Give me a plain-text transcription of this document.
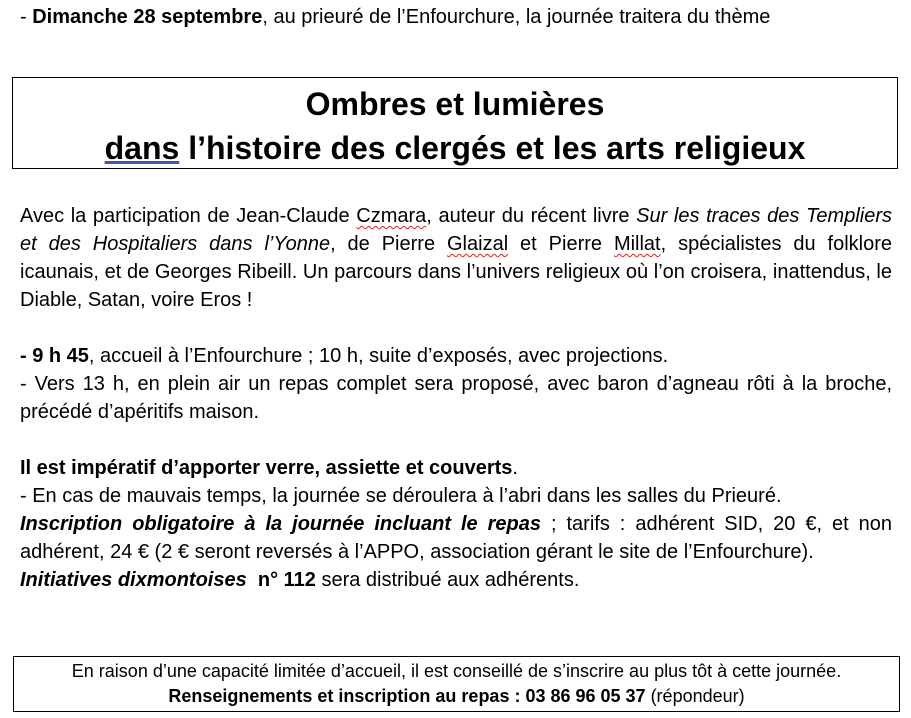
- Dimanche 28 septembre, au prieuré de l’Enfourchure, la journée traitera du thème

Ombres et lumières
dans l’histoire des clergés et les arts religieux

Avec la participation de Jean-Claude Czmara, auteur du récent livre Sur les traces des Templiers et des Hospitaliers dans l’Yonne, de Pierre Glaizal et Pierre Millat, spécialistes du folklore icaunais, et de Georges Ribeill. Un parcours dans l’univers religieux où l’on croisera, inattendus, le Diable, Satan, voire Eros !

- 9 h 45, accueil à l’Enfourchure ; 10 h, suite d’exposés, avec projections.
- Vers 13 h, en plein air un repas complet sera proposé, avec baron d’agneau rôti à la broche, précédé d’apéritifs maison.
Il est impératif d’apporter verre, assiette et couverts.
- En cas de mauvais temps, la journée se déroulera à l’abri dans les salles du Prieuré.
Inscription obligatoire à la journée incluant le repas ; tarifs : adhérent SID, 20 €, et non adhérent, 24 € (2 € seront reversés à l’APPO, association gérant le site de l’Enfourchure).
Initiatives dixmontoises  n° 112 sera distribué aux adhérents.
En raison d’une capacité limitée d’accueil, il est conseillé de s’inscrire au plus tôt à cette journée.
Renseignements et inscription au repas : 03 86 96 05 37 (répondeur)
